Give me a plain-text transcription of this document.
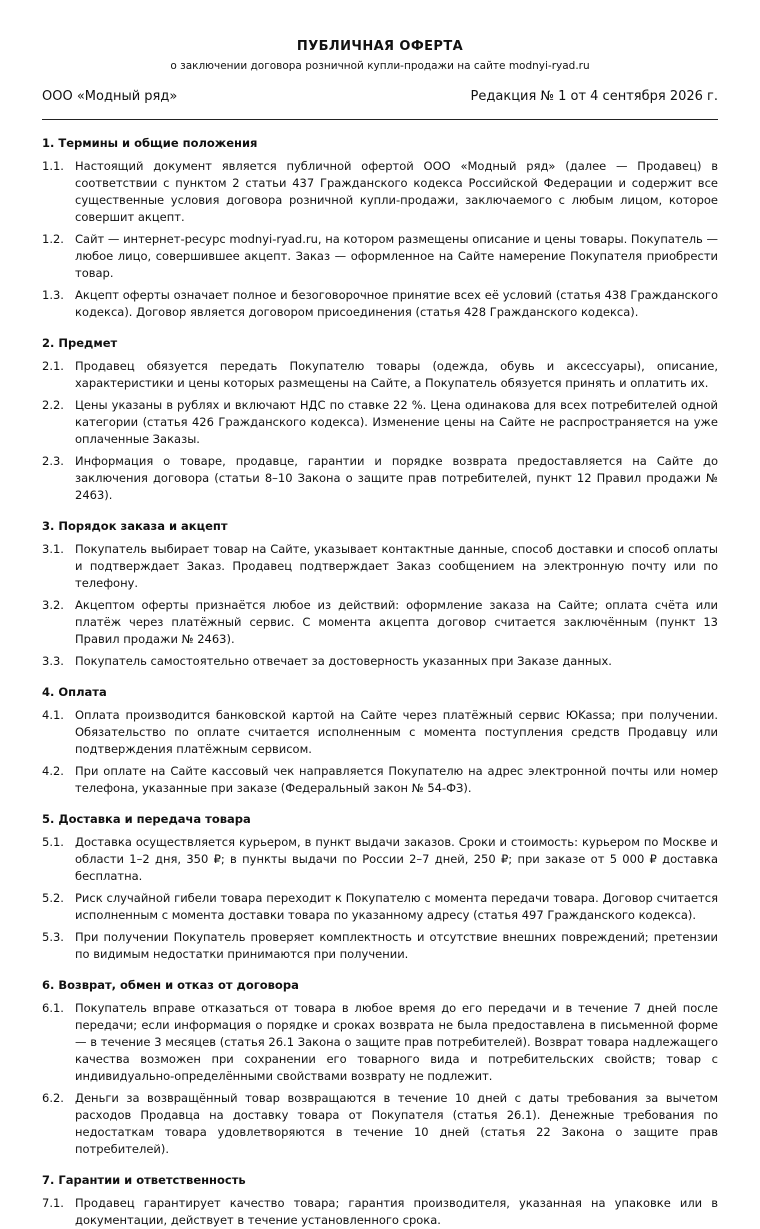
ПУБЛИЧНАЯ ОФЕРТА
о заключении договора розничной купли-продажи на сайте modnyi-ryad.ru
ООО «Модный ряд»	Редакция № 1 от 4 сентября 2026 г.
1. Термины и общие положения
1.1. Настоящий документ является публичной офертой ООО «Модный ряд» (далее — Продавец) в соответствии с пунктом 2 статьи 437 Гражданского кодекса Российской Федерации и содержит все существенные условия договора розничной купли-продажи, заключаемого с любым лицом, которое совершит акцепт.
1.2. Сайт — интернет-ресурс modnyi-ryad.ru, на котором размещены описание и цены товары. Покупатель — любое лицо, совершившее акцепт. Заказ — оформленное на Сайте намерение Покупателя приобрести товар.
1.3. Акцепт оферты означает полное и безоговорочное принятие всех её условий (статья 438 Гражданского кодекса). Договор является договором присоединения (статья 428 Гражданского кодекса).
2. Предмет
2.1. Продавец обязуется передать Покупателю товары (одежда, обувь и аксессуары), описание, характеристики и цены которых размещены на Сайте, а Покупатель обязуется принять и оплатить их.
2.2. Цены указаны в рублях и включают НДС по ставке 22 %. Цена одинакова для всех потребителей одной категории (статья 426 Гражданского кодекса). Изменение цены на Сайте не распространяется на уже оплаченные Заказы.
2.3. Информация о товаре, продавце, гарантии и порядке возврата предоставляется на Сайте до заключения договора (статьи 8–10 Закона о защите прав потребителей, пункт 12 Правил продажи № 2463).
3. Порядок заказа и акцепт
3.1. Покупатель выбирает товар на Сайте, указывает контактные данные, способ доставки и способ оплаты и подтверждает Заказ. Продавец подтверждает Заказ сообщением на электронную почту или по телефону.
3.2. Акцептом оферты признаётся любое из действий: оформление заказа на Сайте; оплата счёта или платёж через платёжный сервис. С момента акцепта договор считается заключённым (пункт 13 Правил продажи № 2463).
3.3. Покупатель самостоятельно отвечает за достоверность указанных при Заказе данных.
4. Оплата
4.1. Оплата производится банковской картой на Сайте через платёжный сервис ЮKassa; при получении. Обязательство по оплате считается исполненным с момента поступления средств Продавцу или подтверждения платёжным сервисом.
4.2. При оплате на Сайте кассовый чек направляется Покупателю на адрес электронной почты или номер телефона, указанные при заказе (Федеральный закон № 54-ФЗ).
5. Доставка и передача товара
5.1. Доставка осуществляется курьером, в пункт выдачи заказов. Сроки и стоимость: курьером по Москве и области 1–2 дня, 350 ₽; в пункты выдачи по России 2–7 дней, 250 ₽; при заказе от 5 000 ₽ доставка бесплатна.
5.2. Риск случайной гибели товара переходит к Покупателю с момента передачи товара. Договор считается исполненным с момента доставки товара по указанному адресу (статья 497 Гражданского кодекса).
5.3. При получении Покупатель проверяет комплектность и отсутствие внешних повреждений; претензии по видимым недостатки принимаются при получении.
6. Возврат, обмен и отказ от договора
6.1. Покупатель вправе отказаться от товара в любое время до его передачи и в течение 7 дней после передачи; если информация о порядке и сроках возврата не была предоставлена в письменной форме — в течение 3 месяцев (статья 26.1 Закона о защите прав потребителей). Возврат товара надлежащего качества возможен при сохранении его товарного вида и потребительских свойств; товар с индивидуально-определёнными свойствами возврату не подлежит.
6.2. Деньги за возвращённый товар возвращаются в течение 10 дней с даты требования за вычетом расходов Продавца на доставку товара от Покупателя (статья 26.1). Денежные требования по недостаткам товара удовлетворяются в течение 10 дней (статья 22 Закона о защите прав потребителей).
7. Гарантии и ответственность
7.1. Продавец гарантирует качество товара; гарантия производителя, указанная на упаковке или в документации, действует в течение установленного срока.
